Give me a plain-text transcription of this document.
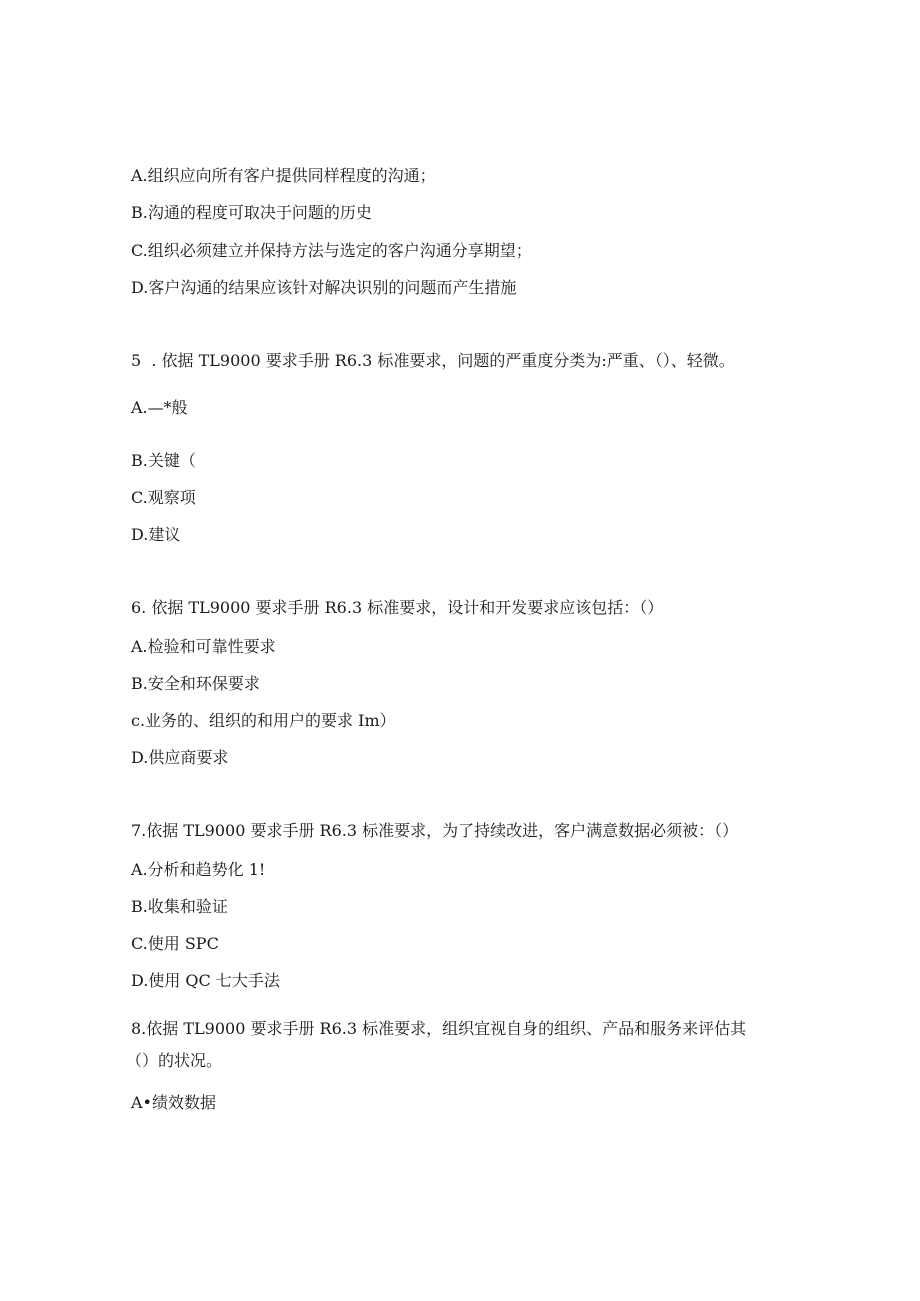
A.组织应向所有客户提供同样程度的沟通；
B.沟通的程度可取决于问题的历史
C.组织必须建立并保持方法与选定的客户沟通分享期望；
D.客户沟通的结果应该针对解决识别的问题而产生措施
5  . 依据 TL9000 要求手册 R6.3 标准要求，问题的严重度分类为:严重、（）、轻微。
A.—*般
B.关键（
C.观察项
D.建议
6. 依据 TL9000 要求手册 R6.3 标准要求，设计和开发要求应该包括：（）
A.检验和可靠性要求
B.安全和环保要求
c.业务的、组织的和用户的要求 Im）
D.供应商要求
7.依据 TL9000 要求手册 R6.3 标准要求，为了持续改进，客户满意数据必须被：（）
A.分析和趋势化 1!
B.收集和验证
C.使用 SPC
D.使用 QC 七大手法
8.依据 TL9000 要求手册 R6.3 标准要求，组织宜视自身的组织、产品和服务来评估其
（）的状况。
A•绩效数据
